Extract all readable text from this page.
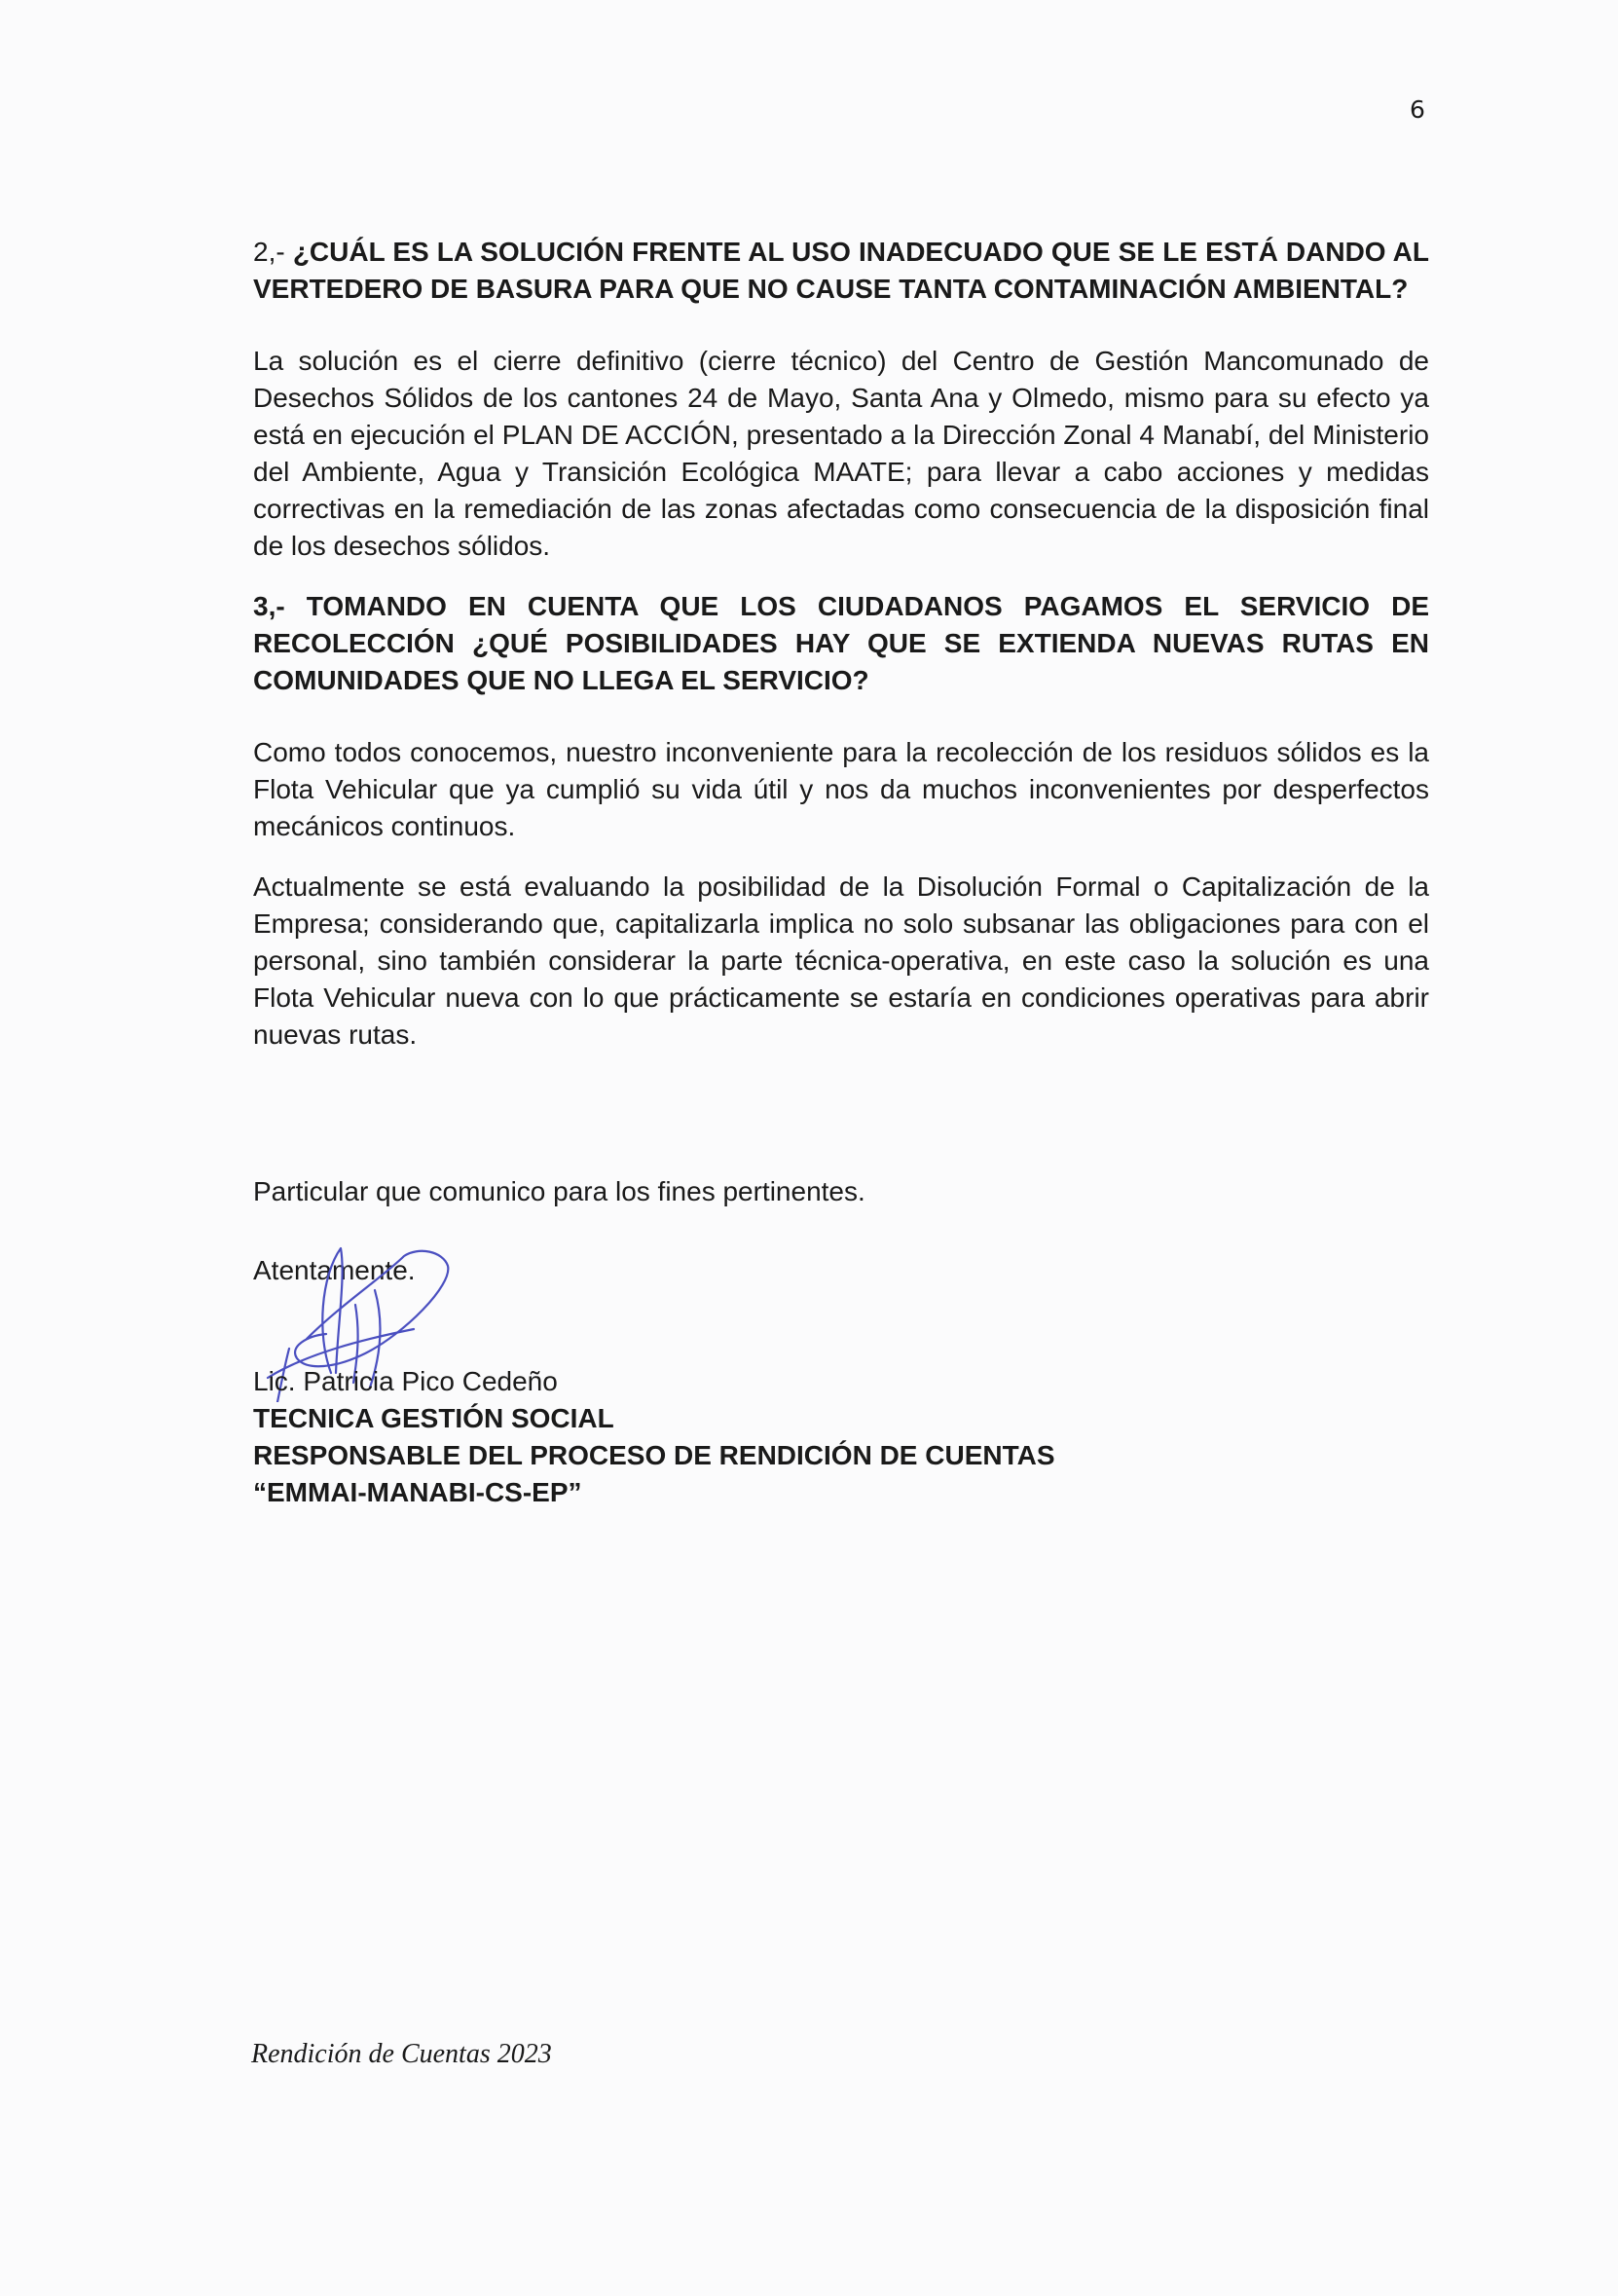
6

2,- ¿CUÁL ES LA SOLUCIÓN FRENTE AL USO INADECUADO QUE SE LE ESTÁ DANDO AL VERTEDERO DE BASURA PARA QUE NO CAUSE TANTA CONTAMINACIÓN AMBIENTAL?

La solución es el cierre definitivo (cierre técnico) del Centro de Gestión Mancomunado de Desechos Sólidos de los cantones 24 de Mayo, Santa Ana y Olmedo, mismo para su efecto ya está en ejecución el PLAN DE ACCIÓN, presentado a la Dirección Zonal 4 Manabí, del Ministerio del Ambiente, Agua y Transición Ecológica MAATE; para llevar a cabo acciones y medidas correctivas en la remediación de las zonas afectadas como consecuencia de la disposición final de los desechos sólidos.

3,- TOMANDO EN CUENTA QUE LOS CIUDADANOS PAGAMOS EL SERVICIO DE RECOLECCIÓN ¿QUÉ POSIBILIDADES HAY QUE SE EXTIENDA NUEVAS RUTAS EN COMUNIDADES QUE NO LLEGA EL SERVICIO?

Como todos conocemos, nuestro inconveniente para la recolección de los residuos sólidos es la Flota Vehicular que ya cumplió su vida útil y nos da muchos inconvenientes por desperfectos mecánicos continuos.

Actualmente se está evaluando la posibilidad de la Disolución Formal o Capitalización de la Empresa; considerando que, capitalizarla implica no solo subsanar las obligaciones para con el personal, sino también considerar la parte técnica-operativa, en este caso la solución es una Flota Vehicular nueva con lo que prácticamente se estaría en condiciones operativas para abrir nuevas rutas.

Particular que comunico para los fines pertinentes.
Atentamente.

Lic. Patricia Pico Cedeño

TECNICA GESTIÓN SOCIAL

RESPONSABLE DEL PROCESO DE RENDICIÓN DE CUENTAS

“EMMAI-MANABI-CS-EP”

Rendición de Cuentas 2023
